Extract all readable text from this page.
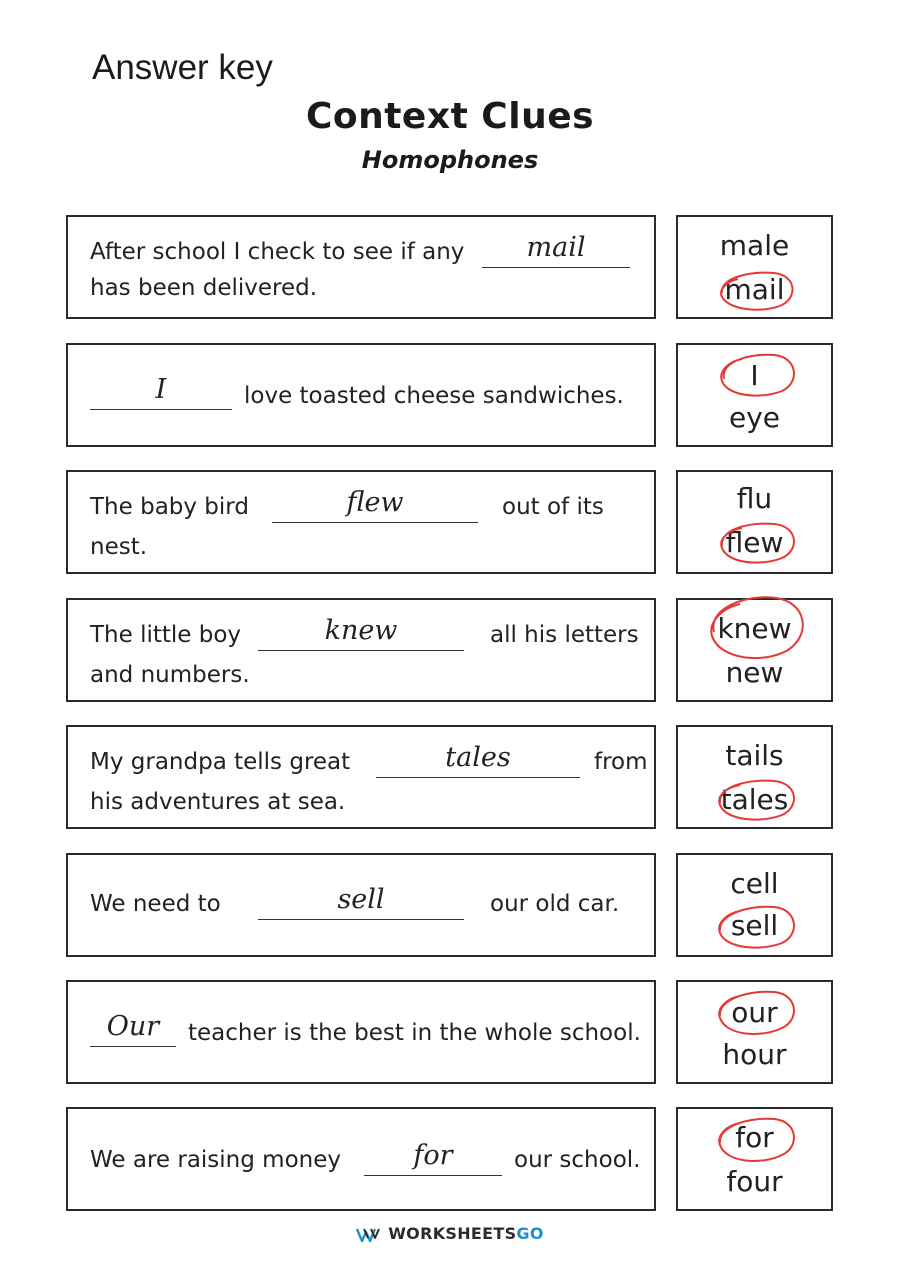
Answer key
Context Clues
Homophones
After school I check to see if any	mail
has been delivered.
male
mail
I	love toasted cheese sandwiches.
I
eye
The baby bird	flew	out of its
nest.
flu
flew
The little boy	knew	all his letters
and numbers.
knew
new
My grandpa tells great	tales	from
his adventures at sea.
tails
tales
We need to	sell	our old car.
cell
sell
Our	teacher is the best in the whole school.
our
hour
We are raising money	for	our school.
for
four
WORKSHEETSGO
